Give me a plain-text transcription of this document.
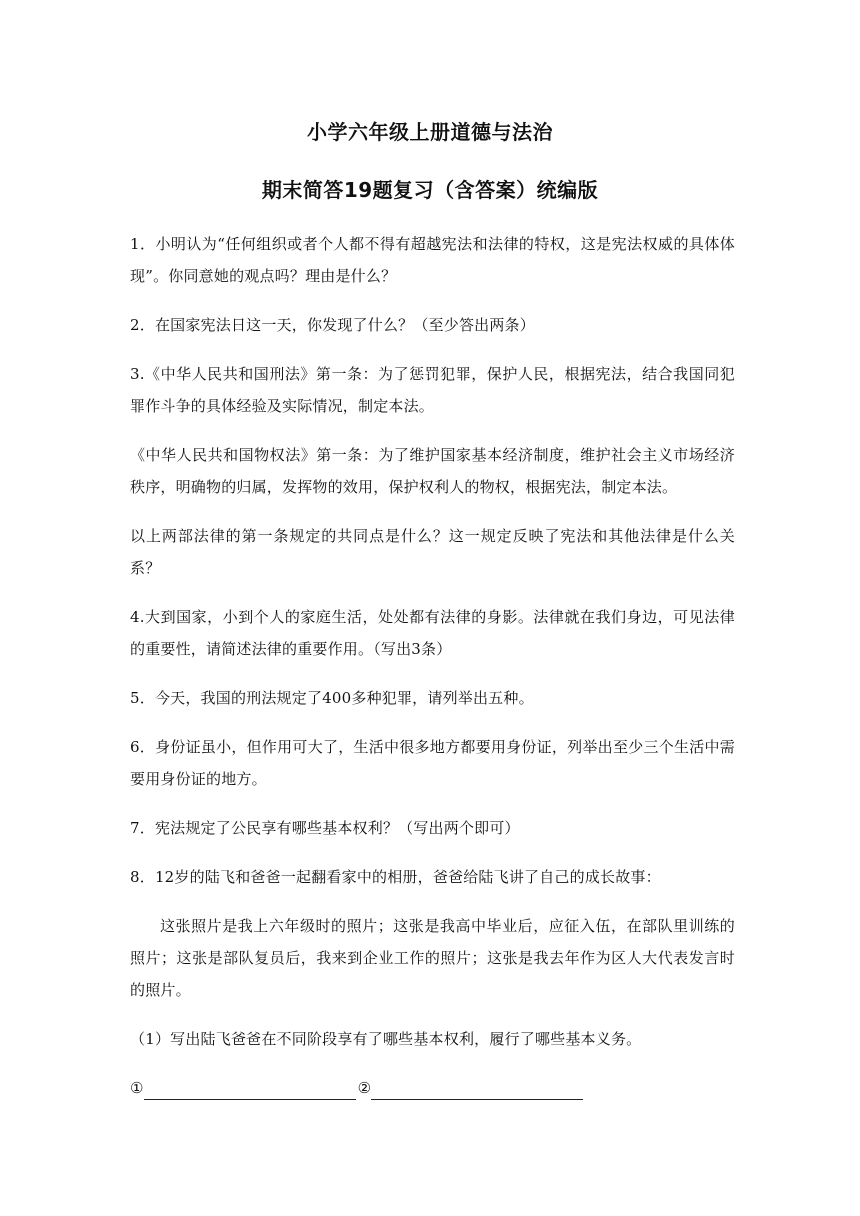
小学六年级上册道德与法治
期末简答19题复习（含答案）统编版

1．小明认为“任何组织或者个人都不得有超越宪法和法律的特权，这是宪法权威的具体体现”。你同意她的观点吗？理由是什么？

2．在国家宪法日这一天，你发现了什么？（至少答出两条）

3.《中华人民共和国刑法》第一条：为了惩罚犯罪，保护人民，根据宪法，结合我国同犯罪作斗争的具体经验及实际情况，制定本法。

《中华人民共和国物权法》第一条：为了维护国家基本经济制度，维护社会主义市场经济秩序，明确物的归属，发挥物的效用，保护权利人的物权，根据宪法，制定本法。

以上两部法律的第一条规定的共同点是什么？这一规定反映了宪法和其他法律是什么关系？

4.大到国家，小到个人的家庭生活，处处都有法律的身影。法律就在我们身边，可见法律的重要性，请简述法律的重要作用。（写出3条）

5．今天，我国的刑法规定了400多种犯罪，请列举出五种。

6．身份证虽小，但作用可大了，生活中很多地方都要用身份证，列举出至少三个生活中需要用身份证的地方。

7．宪法规定了公民享有哪些基本权利？（写出两个即可）

8．12岁的陆飞和爸爸一起翻看家中的相册，爸爸给陆飞讲了自己的成长故事：

这张照片是我上六年级时的照片；这张是我高中毕业后，应征入伍，在部队里训练的照片；这张是部队复员后，我来到企业工作的照片；这张是我去年作为区人大代表发言时的照片。

（1）写出陆飞爸爸在不同阶段享有了哪些基本权利，履行了哪些基本义务。

①	②
